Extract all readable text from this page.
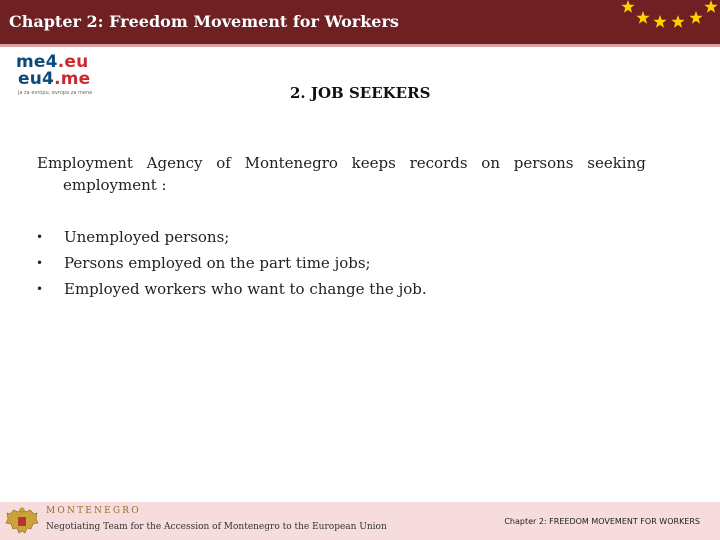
Chapter 2: Freedom Movement for Workers
me4.eu
eu4.me
ja za evropu, evropa za mene	2. JOB SEEKERS
Employment Agency of Montenegro keeps records on persons seeking
employment :
• Unemployed persons;
• Persons employed on the part time jobs;
• Employed workers who want to change the job.
MONTENEGRO
Negotiating Team for the Accession of Montenegro to the European Union
Chapter 2: FREEDOM MOVEMENT FOR WORKERS
